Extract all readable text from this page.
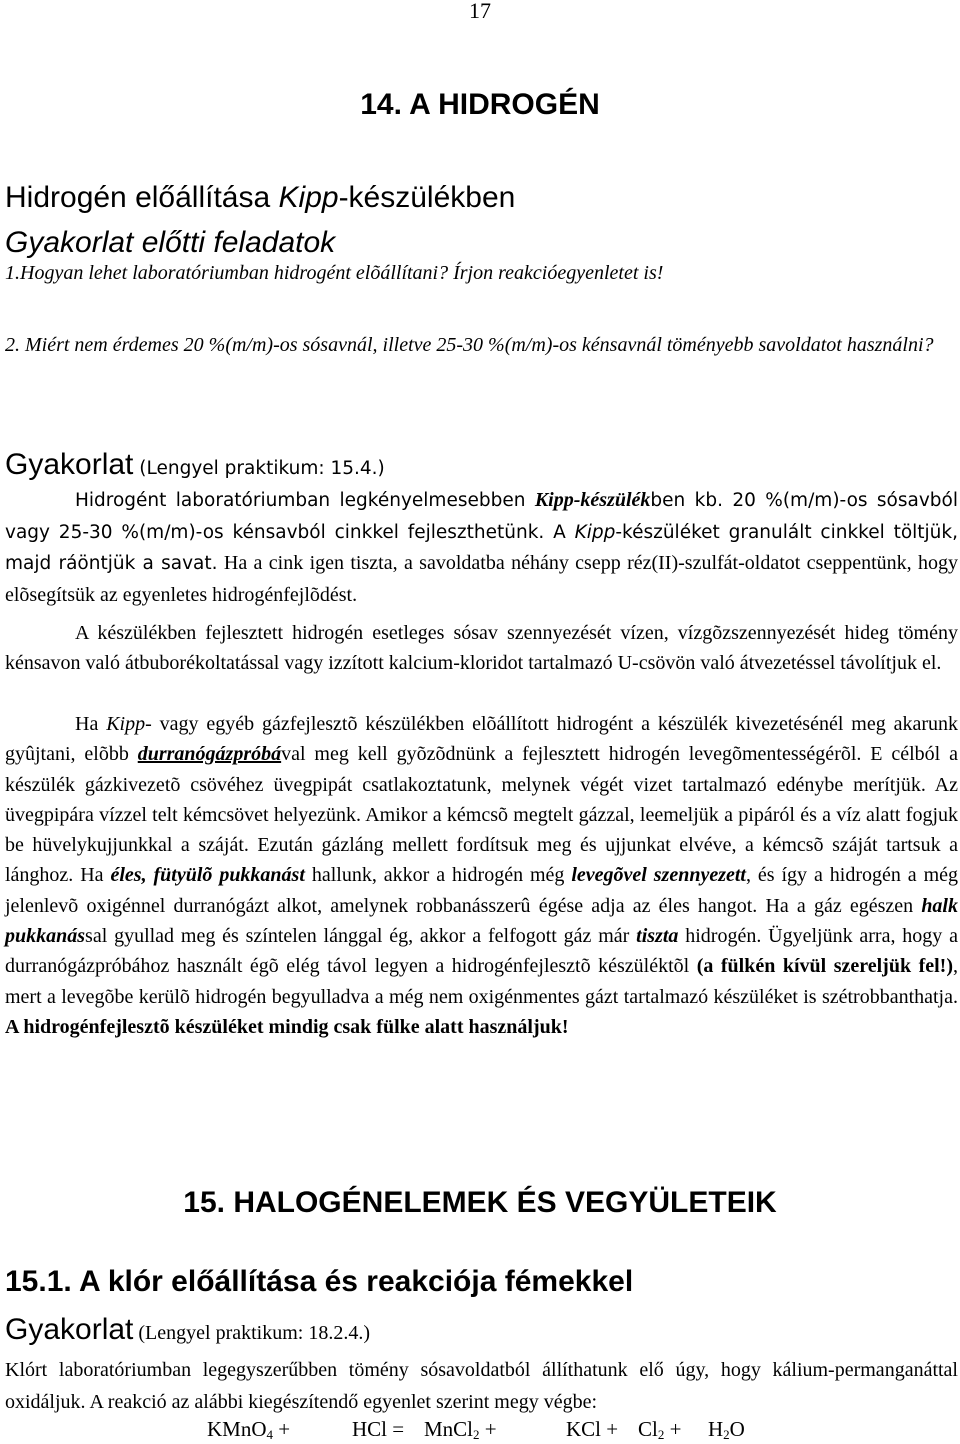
17
14. A HIDROGÉN
Hidrogén előállítása Kipp-készülékben
Gyakorlat előtti feladatok
1.Hogyan lehet laboratóriumban hidrogént elõállítani? Írjon reakcióegyenletet is!
2. Miért nem érdemes 20 %(m/m)-os sósavnál, illetve 25-30 %(m/m)-os kénsavnál töményebb savoldatot használni?
Gyakorlat (Lengyel praktikum: 15.4.)
Hidrogént laboratóriumban legkényelmesebben Kipp-készülékben kb. 20 %(m/m)-os sósavból vagy 25-30 %(m/m)-os kénsavból cinkkel fejleszthetünk. A Kipp-készüléket granulált cinkkel töltjük, majd ráöntjük a savat. Ha a cink igen tiszta, a savoldatba néhány csepp réz(II)-szulfát-oldatot cseppentünk, hogy elõsegítsük az egyenletes hidrogénfejlõdést.
A készülékben fejlesztett hidrogén esetleges sósav szennyezését vízen, vízgõzszennyezését hideg tömény kénsavon való átbuborékoltatással vagy izzított kalcium-kloridot tartalmazó U-csövön való átvezetéssel távolítjuk el.
Ha Kipp- vagy egyéb gázfejlesztõ készülékben elõállított hidrogént a készülék kivezetésénél meg akarunk gyûjtani, elõbb durranógázpróbával meg kell gyõzõdnünk a fejlesztett hidrogén levegõmentességérõl. E célból a készülék gázkivezetõ csövéhez üvegpipát csatlakoztatunk, melynek végét vizet tartalmazó edénybe merítjük. Az üvegpipára vízzel telt kémcsövet helyezünk. Amikor a kémcsõ megtelt gázzal, leemeljük a pipáról és a víz alatt fogjuk be hüvelykujjunkkal a száját. Ezután gázláng mellett fordítsuk meg és ujjunkat elvéve, a kémcsõ száját tartsuk a lánghoz. Ha éles, fütyülõ pukkanást hallunk, akkor a hidrogén még levegõvel szennyezett, és így a hidrogén a még jelenlevõ oxigénnel durranógázt alkot, amelynek robbanásszerû égése adja az éles hangot. Ha a gáz egészen halk pukkanással gyullad meg és színtelen lánggal ég, akkor a felfogott gáz már tiszta hidrogén. Ügyeljünk arra, hogy a durranógázpróbához használt égõ elég távol legyen a hidrogénfejlesztõ készüléktõl (a fülkén kívül szereljük fel!), mert a levegõbe kerülõ hidrogén begyulladva a még nem oxigénmentes gázt tartalmazó készüléket is szétrobbanthatja. A hidrogénfejlesztõ készüléket mindig csak fülke alatt használjuk!
15. HALOGÉNELEMEK ÉS VEGYÜLETEIK
15.1. A klór előállítása és reakciója fémekkel
Gyakorlat (Lengyel praktikum: 18.2.4.)
Klórt laboratóriumban legegyszerűbben tömény sósavoldatból állíthatunk elő úgy, hogy kálium-permanganáttal oxidáljuk. A reakció az alábbi kiegészítendő egyenlet szerint megy végbe:
KMnO$_4$ +	HCl = MnCl$_2$ +	KCl + $Cl_2 + H_2O$
